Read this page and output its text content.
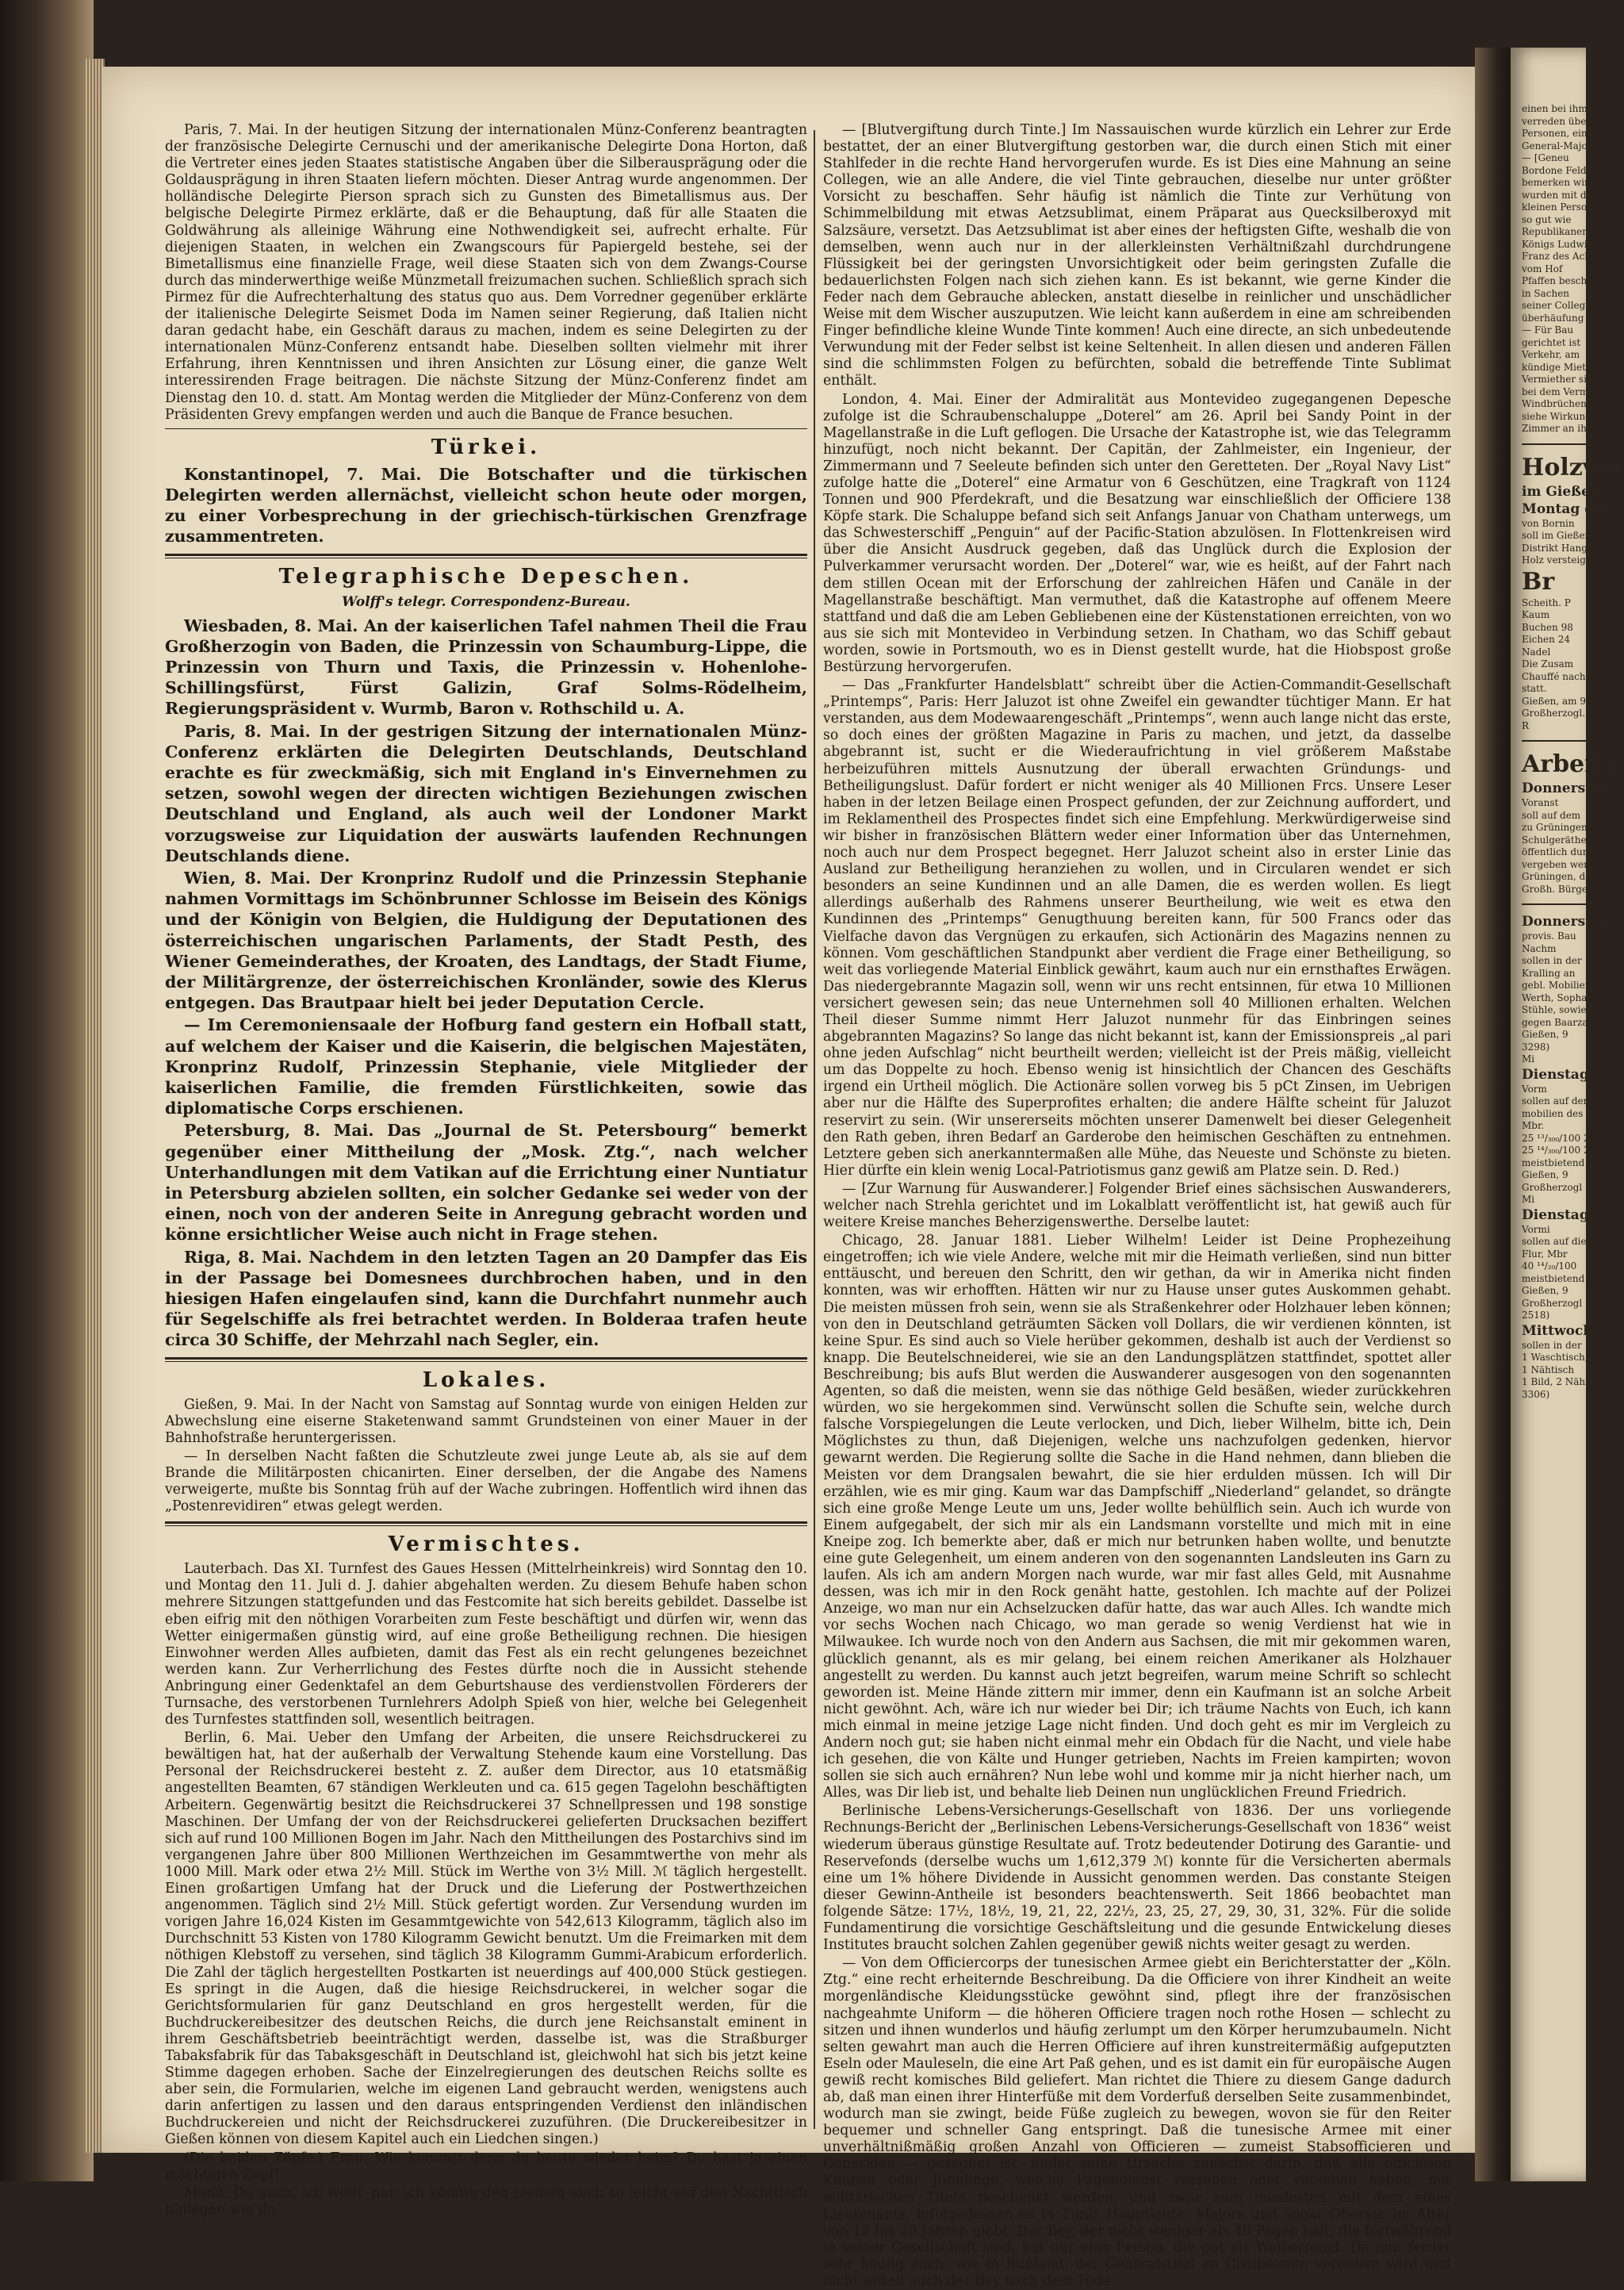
Paris, 7. Mai. In der heutigen Sitzung der internationalen Münz-Conferenz beantragten der französische Delegirte Cernuschi und der amerikanische Delegirte Dona Horton, daß die Vertreter eines jeden Staates statistische Angaben über die Silberausprägung oder die Goldausprägung in ihren Staaten liefern möchten. Dieser Antrag wurde angenommen. Der holländische Delegirte Pierson sprach sich zu Gunsten des Bimetallismus aus. Der belgische Delegirte Pirmez erklärte, daß er die Behauptung, daß für alle Staaten die Goldwährung als alleinige Währung eine Nothwendigkeit sei, aufrecht erhalte. Für diejenigen Staaten, in welchen ein Zwangscours für Papiergeld bestehe, sei der Bimetallismus eine finanzielle Frage, weil diese Staaten sich von dem Zwangs-Course durch das minderwerthige weiße Münzmetall freizumachen suchen. Schließlich sprach sich Pirmez für die Aufrechterhaltung des status quo aus. Dem Vorredner gegenüber erklärte der italienische Delegirte Seismet Doda im Namen seiner Regierung, daß Italien nicht daran gedacht habe, ein Geschäft daraus zu machen, indem es seine Delegirten zu der internationalen Münz-Conferenz entsandt habe. Dieselben sollten vielmehr mit ihrer Erfahrung, ihren Kenntnissen und ihren Ansichten zur Lösung einer, die ganze Welt interessirenden Frage beitragen. Die nächste Sitzung der Münz-Conferenz findet am Dienstag den 10. d. statt. Am Montag werden die Mitglieder der Münz-Conferenz von dem Präsidenten Grevy empfangen werden und auch die Banque de France besuchen.

Türkei.

Konstantinopel, 7. Mai. Die Botschafter und die türkischen Delegirten werden allernächst, vielleicht schon heute oder morgen, zu einer Vorbesprechung in der griechisch-türkischen Grenzfrage zusammentreten.

Telegraphische Depeschen.
Wolff's telegr. Correspondenz-Bureau.

Wiesbaden, 8. Mai. An der kaiserlichen Tafel nahmen Theil die Frau Großherzogin von Baden, die Prinzessin von Schaumburg-Lippe, die Prinzessin von Thurn und Taxis, die Prinzessin v. Hohenlohe-Schillingsfürst, Fürst Galizin, Graf Solms-Rödelheim, Regierungspräsident v. Wurmb, Baron v. Rothschild u. A.

Paris, 8. Mai. In der gestrigen Sitzung der internationalen Münz-Conferenz erklärten die Delegirten Deutschlands, Deutschland erachte es für zweckmäßig, sich mit England in's Einvernehmen zu setzen, sowohl wegen der directen wichtigen Beziehungen zwischen Deutschland und England, als auch weil der Londoner Markt vorzugsweise zur Liquidation der auswärts laufenden Rechnungen Deutschlands diene.

Wien, 8. Mai. Der Kronprinz Rudolf und die Prinzessin Stephanie nahmen Vormittags im Schönbrunner Schlosse im Beisein des Königs und der Königin von Belgien, die Huldigung der Deputationen des österreichischen ungarischen Parlaments, der Stadt Pesth, des Wiener Gemeinderathes, der Kroaten, des Landtags, der Stadt Fiume, der Militärgrenze, der österreichischen Kronländer, sowie des Klerus entgegen. Das Brautpaar hielt bei jeder Deputation Cercle.

— Im Ceremoniensaale der Hofburg fand gestern ein Hofball statt, auf welchem der Kaiser und die Kaiserin, die belgischen Majestäten, Kronprinz Rudolf, Prinzessin Stephanie, viele Mitglieder der kaiserlichen Familie, die fremden Fürstlichkeiten, sowie das diplomatische Corps erschienen.

Petersburg, 8. Mai. Das „Journal de St. Petersbourg“ bemerkt gegenüber einer Mittheilung der „Mosk. Ztg.“, nach welcher Unterhandlungen mit dem Vatikan auf die Errichtung einer Nuntiatur in Petersburg abzielen sollten, ein solcher Gedanke sei weder von der einen, noch von der anderen Seite in Anregung gebracht worden und könne ersichtlicher Weise auch nicht in Frage stehen.

Riga, 8. Mai. Nachdem in den letzten Tagen an 20 Dampfer das Eis in der Passage bei Domesnees durchbrochen haben, und in den hiesigen Hafen eingelaufen sind, kann die Durchfahrt nunmehr auch für Segelschiffe als frei betrachtet werden. In Bolderaa trafen heute circa 30 Schiffe, der Mehrzahl nach Segler, ein.

Lokales.

Gießen, 9. Mai. In der Nacht von Samstag auf Sonntag wurde von einigen Helden zur Abwechslung eine eiserne Staketenwand sammt Grundsteinen von einer Mauer in der Bahnhofstraße heruntergerissen.

— In derselben Nacht faßten die Schutzleute zwei junge Leute ab, als sie auf dem Brande die Militärposten chicanirten. Einer derselben, der die Angabe des Namens verweigerte, mußte bis Sonntag früh auf der Wache zubringen. Hoffentlich wird ihnen das „Postenrevidiren“ etwas gelegt werden.

Vermischtes.

Lauterbach. Das XI. Turnfest des Gaues Hessen (Mittelrheinkreis) wird Sonntag den 10. und Montag den 11. Juli d. J. dahier abgehalten werden. Zu diesem Behufe haben schon mehrere Sitzungen stattgefunden und das Festcomite hat sich bereits gebildet. Dasselbe ist eben eifrig mit den nöthigen Vorarbeiten zum Feste beschäftigt und dürfen wir, wenn das Wetter einigermaßen günstig wird, auf eine große Betheiligung rechnen. Die hiesigen Einwohner werden Alles aufbieten, damit das Fest als ein recht gelungenes bezeichnet werden kann. Zur Verherrlichung des Festes dürfte noch die in Aussicht stehende Anbringung einer Gedenktafel an dem Geburtshause des verdienstvollen Förderers der Turnsache, des verstorbenen Turnlehrers Adolph Spieß von hier, welche bei Gelegenheit des Turnfestes stattfinden soll, wesentlich beitragen.

Berlin, 6. Mai. Ueber den Umfang der Arbeiten, die unsere Reichsdruckerei zu bewältigen hat, hat der außerhalb der Verwaltung Stehende kaum eine Vorstellung. Das Personal der Reichsdruckerei besteht z. Z. außer dem Director, aus 10 etatsmäßig angestellten Beamten, 67 ständigen Werkleuten und ca. 615 gegen Tagelohn beschäftigten Arbeitern. Gegenwärtig besitzt die Reichsdruckerei 37 Schnellpressen und 198 sonstige Maschinen. Der Umfang der von der Reichsdruckerei gelieferten Drucksachen beziffert sich auf rund 100 Millionen Bogen im Jahr. Nach den Mittheilungen des Postarchivs sind im vergangenen Jahre über 800 Millionen Werthzeichen im Gesammtwerthe von mehr als 1000 Mill. Mark oder etwa 2½ Mill. Stück im Werthe von 3½ Mill. ℳ täglich hergestellt. Einen großartigen Umfang hat der Druck und die Lieferung der Postwerthzeichen angenommen. Täglich sind 2½ Mill. Stück gefertigt worden. Zur Versendung wurden im vorigen Jahre 16,024 Kisten im Gesammtgewichte von 542,613 Kilogramm, täglich also im Durchschnitt 53 Kisten von 1780 Kilogramm Gewicht benutzt. Um die Freimarken mit dem nöthigen Klebstoff zu versehen, sind täglich 38 Kilogramm Gummi-Arabicum erforderlich. Die Zahl der täglich hergestellten Postkarten ist neuerdings auf 400,000 Stück gestiegen. Es springt in die Augen, daß die hiesige Reichsdruckerei, in welcher sogar die Gerichtsformularien für ganz Deutschland en gros hergestellt werden, für die Buchdruckereibesitzer des deutschen Reichs, die durch jene Reichsanstalt eminent in ihrem Geschäftsbetrieb beeinträchtigt werden, dasselbe ist, was die Straßburger Tabaksfabrik für das Tabaksgeschäft in Deutschland ist, gleichwohl hat sich bis jetzt keine Stimme dagegen erhoben. Sache der Einzelregierungen des deutschen Reichs sollte es aber sein, die Formularien, welche im eigenen Land gebraucht werden, wenigstens auch darin anfertigen zu lassen und den daraus entspringenden Verdienst den inländischen Buchdruckereien und nicht der Reichsdruckerei zuzuführen. (Die Druckereibesitzer in Gießen können von diesem Kapitel auch ein Liedchen singen.)

(Die beiden Zöpfe.) Frau: Wie kommst denn du heute wieder heim? Du hast ja einen mächtigen Zopf!

Mann: Du auch, ich wollt' nur, ich könnte den meinen auch so leicht auf den Nachttisch hinlegen wie du.

— [Blutvergiftung durch Tinte.] Im Nassauischen wurde kürzlich ein Lehrer zur Erde bestattet, der an einer Blutvergiftung gestorben war, die durch einen Stich mit einer Stahlfeder in die rechte Hand hervorgerufen wurde. Es ist Dies eine Mahnung an seine Collegen, wie an alle Andere, die viel Tinte gebrauchen, dieselbe nur unter größter Vorsicht zu beschaffen. Sehr häufig ist nämlich die Tinte zur Verhütung von Schimmelbildung mit etwas Aetzsublimat, einem Präparat aus Quecksilberoxyd mit Salzsäure, versetzt. Das Aetzsublimat ist aber eines der heftigsten Gifte, weshalb die von demselben, wenn auch nur in der allerkleinsten Verhältnißzahl durchdrungene Flüssigkeit bei der geringsten Unvorsichtigkeit oder beim geringsten Zufalle die bedauerlichsten Folgen nach sich ziehen kann. Es ist bekannt, wie gerne Kinder die Feder nach dem Gebrauche ablecken, anstatt dieselbe in reinlicher und unschädlicher Weise mit dem Wischer auszuputzen. Wie leicht kann außerdem in eine am schreibenden Finger befindliche kleine Wunde Tinte kommen! Auch eine directe, an sich unbedeutende Verwundung mit der Feder selbst ist keine Seltenheit. In allen diesen und anderen Fällen sind die schlimmsten Folgen zu befürchten, sobald die betreffende Tinte Sublimat enthält.

London, 4. Mai. Einer der Admiralität aus Montevideo zugegangenen Depesche zufolge ist die Schraubenschaluppe „Doterel“ am 26. April bei Sandy Point in der Magellanstraße in die Luft geflogen. Die Ursache der Katastrophe ist, wie das Telegramm hinzufügt, noch nicht bekannt. Der Capitän, der Zahlmeister, ein Ingenieur, der Zimmermann und 7 Seeleute befinden sich unter den Geretteten. Der „Royal Navy List“ zufolge hatte die „Doterel“ eine Armatur von 6 Geschützen, eine Tragkraft von 1124 Tonnen und 900 Pferdekraft, und die Besatzung war einschließlich der Officiere 138 Köpfe stark. Die Schaluppe befand sich seit Anfangs Januar von Chatham unterwegs, um das Schwesterschiff „Penguin“ auf der Pacific-Station abzulösen. In Flottenkreisen wird über die Ansicht Ausdruck gegeben, daß das Unglück durch die Explosion der Pulverkammer verursacht worden. Der „Doterel“ war, wie es heißt, auf der Fahrt nach dem stillen Ocean mit der Erforschung der zahlreichen Häfen und Canäle in der Magellanstraße beschäftigt. Man vermuthet, daß die Katastrophe auf offenem Meere stattfand und daß die am Leben Gebliebenen eine der Küstenstationen erreichten, von wo aus sie sich mit Montevideo in Verbindung setzen. In Chatham, wo das Schiff gebaut worden, sowie in Portsmouth, wo es in Dienst gestellt wurde, hat die Hiobspost große Bestürzung hervorgerufen.

— Das „Frankfurter Handelsblatt“ schreibt über die Actien-Commandit-Gesellschaft „Printemps“, Paris: Herr Jaluzot ist ohne Zweifel ein gewandter tüchtiger Mann. Er hat verstanden, aus dem Modewaarengeschäft „Printemps“, wenn auch lange nicht das erste, so doch eines der größten Magazine in Paris zu machen, und jetzt, da dasselbe abgebrannt ist, sucht er die Wiederaufrichtung in viel größerem Maßstabe herbeizuführen mittels Ausnutzung der überall erwachten Gründungs- und Betheiligungslust. Dafür fordert er nicht weniger als 40 Millionen Frcs. Unsere Leser haben in der letzen Beilage einen Prospect gefunden, der zur Zeichnung auffordert, und im Reklamentheil des Prospectes findet sich eine Empfehlung. Merkwürdigerweise sind wir bisher in französischen Blättern weder einer Information über das Unternehmen, noch auch nur dem Prospect begegnet. Herr Jaluzot scheint also in erster Linie das Ausland zur Betheiligung heranziehen zu wollen, und in Circularen wendet er sich besonders an seine Kundinnen und an alle Damen, die es werden wollen. Es liegt allerdings außerhalb des Rahmens unserer Beurtheilung, wie weit es etwa den Kundinnen des „Printemps“ Genugthuung bereiten kann, für 500 Francs oder das Vielfache davon das Vergnügen zu erkaufen, sich Actionärin des Magazins nennen zu können. Vom geschäftlichen Standpunkt aber verdient die Frage einer Betheiligung, so weit das vorliegende Material Einblick gewährt, kaum auch nur ein ernsthaftes Erwägen. Das niedergebrannte Magazin soll, wenn wir uns recht entsinnen, für etwa 10 Millionen versichert gewesen sein; das neue Unternehmen soll 40 Millionen erhalten. Welchen Theil dieser Summe nimmt Herr Jaluzot nunmehr für das Einbringen seines abgebrannten Magazins? So lange das nicht bekannt ist, kann der Emissionspreis „al pari ohne jeden Aufschlag“ nicht beurtheilt werden; vielleicht ist der Preis mäßig, vielleicht um das Doppelte zu hoch. Ebenso wenig ist hinsichtlich der Chancen des Geschäfts irgend ein Urtheil möglich. Die Actionäre sollen vorweg bis 5 pCt Zinsen, im Uebrigen aber nur die Hälfte des Superprofites erhalten; die andere Hälfte scheint für Jaluzot reservirt zu sein. (Wir unsererseits möchten unserer Damenwelt bei dieser Gelegenheit den Rath geben, ihren Bedarf an Garderobe den heimischen Geschäften zu entnehmen. Letztere geben sich anerkanntermaßen alle Mühe, das Neueste und Schönste zu bieten. Hier dürfte ein klein wenig Local-Patriotismus ganz gewiß am Platze sein. D. Red.)

— [Zur Warnung für Auswanderer.] Folgender Brief eines sächsischen Auswanderers, welcher nach Strehla gerichtet und im Lokalblatt veröffentlicht ist, hat gewiß auch für weitere Kreise manches Beherzigenswerthe. Derselbe lautet:

Chicago, 28. Januar 1881. Lieber Wilhelm! Leider ist Deine Prophezeihung eingetroffen; ich wie viele Andere, welche mit mir die Heimath verließen, sind nun bitter enttäuscht, und bereuen den Schritt, den wir gethan, da wir in Amerika nicht finden konnten, was wir erhofften. Hätten wir nur zu Hause unser gutes Auskommen gehabt. Die meisten müssen froh sein, wenn sie als Straßenkehrer oder Holzhauer leben können; von den in Deutschland geträumten Säcken voll Dollars, die wir verdienen könnten, ist keine Spur. Es sind auch so Viele herüber gekommen, deshalb ist auch der Verdienst so knapp. Die Beutelschneiderei, wie sie an den Landungsplätzen stattfindet, spottet aller Beschreibung; bis aufs Blut werden die Auswanderer ausgesogen von den sogenannten Agenten, so daß die meisten, wenn sie das nöthige Geld besäßen, wieder zurückkehren würden, wo sie hergekommen sind. Verwünscht sollen die Schufte sein, welche durch falsche Vorspiegelungen die Leute verlocken, und Dich, lieber Wilhelm, bitte ich, Dein Möglichstes zu thun, daß Diejenigen, welche uns nachzufolgen gedenken, hiervor gewarnt werden. Die Regierung sollte die Sache in die Hand nehmen, dann blieben die Meisten vor dem Drangsalen bewahrt, die sie hier erdulden müssen. Ich will Dir erzählen, wie es mir ging. Kaum war das Dampfschiff „Niederland“ gelandet, so drängte sich eine große Menge Leute um uns, Jeder wollte behülflich sein. Auch ich wurde von Einem aufgegabelt, der sich mir als ein Landsmann vorstellte und mich mit in eine Kneipe zog. Ich bemerkte aber, daß er mich nur betrunken haben wollte, und benutzte eine gute Gelegenheit, um einem anderen von den sogenannten Landsleuten ins Garn zu laufen. Als ich am andern Morgen nach wurde, war mir fast alles Geld, mit Ausnahme dessen, was ich mir in den Rock genäht hatte, gestohlen. Ich machte auf der Polizei Anzeige, wo man nur ein Achselzucken dafür hatte, das war auch Alles. Ich wandte mich vor sechs Wochen nach Chicago, wo man gerade so wenig Verdienst hat wie in Milwaukee. Ich wurde noch von den Andern aus Sachsen, die mit mir gekommen waren, glücklich genannt, als es mir gelang, bei einem reichen Amerikaner als Holzhauer angestellt zu werden. Du kannst auch jetzt begreifen, warum meine Schrift so schlecht geworden ist. Meine Hände zittern mir immer, denn ein Kaufmann ist an solche Arbeit nicht gewöhnt. Ach, wäre ich nur wieder bei Dir; ich träume Nachts von Euch, ich kann mich einmal in meine jetzige Lage nicht finden. Und doch geht es mir im Vergleich zu Andern noch gut; sie haben nicht einmal mehr ein Obdach für die Nacht, und viele habe ich gesehen, die von Kälte und Hunger getrieben, Nachts im Freien kampirten; wovon sollen sie sich auch ernähren? Nun lebe wohl und komme mir ja nicht hierher nach, um Alles, was Dir lieb ist, und behalte lieb Deinen nun unglücklichen Freund Friedrich.

Berlinische Lebens-Versicherungs-Gesellschaft von 1836. Der uns vorliegende Rechnungs-Bericht der „Berlinischen Lebens-Versicherungs-Gesellschaft von 1836“ weist wiederum überaus günstige Resultate auf. Trotz bedeutender Dotirung des Garantie- und Reservefonds (derselbe wuchs um 1,612,379 ℳ) konnte für die Versicherten abermals eine um 1% höhere Dividende in Aussicht genommen werden. Das constante Steigen dieser Gewinn-Antheile ist besonders beachtenswerth. Seit 1866 beobachtet man folgende Sätze: 17½, 18½, 19, 21, 22, 22½, 23, 25, 27, 29, 30, 31, 32%. Für die solide Fundamentirung die vorsichtige Geschäftsleitung und die gesunde Entwickelung dieses Institutes braucht solchen Zahlen gegenüber gewiß nichts weiter gesagt zu werden.

— Von dem Officiercorps der tunesischen Armee giebt ein Berichterstatter der „Köln. Ztg.“ eine recht erheiternde Beschreibung. Da die Officiere von ihrer Kindheit an weite morgenländische Kleidungsstücke gewöhnt sind, pflegt ihre der französischen nachgeahmte Uniform — die höheren Officiere tragen noch rothe Hosen — schlecht zu sitzen und ihnen wunderlos und häufig zerlumpt um den Körper herumzubaumeln. Nicht selten gewahrt man auch die Herren Officiere auf ihren kunstreitermäßig aufgeputzten Eseln oder Mauleseln, die eine Art Paß gehen, und es ist damit ein für europäische Augen gewiß recht komisches Bild geliefert. Man richtet die Thiere zu diesem Gange dadurch ab, daß man einen ihrer Hinterfüße mit dem Vorderfuß derselben Seite zusammenbindet, wodurch man sie zwingt, beide Füße zugleich zu bewegen, wovon sie für den Reiter bequemer und schneller Gang entspringt. Daß die tunesische Armee mit einer unverhältnißmäßig großen Anzahl von Officieren — zumeist Stabsofficieren und Generälen — gesegnet ist, findet seine Ursache zunächst darin, daß alle officiösen Knaben oder Jünglinge, welche Pagendienst versehen oder versehen haben, mit militärischen Titeln beschenkt werden. und zwar zum mindesten mit dem eines Lieutenants, infolgedessen es in Tunis Hauptleute, Majors und sogar Oberste im Alter von 12 bis 20 Jahren giebt. Der Bey, der nicht weniger als 40 Pagen hält, die fortwährend in seiner Gesellschaft sind, hat nur eine Person, die gut als Weiberfeind. Da nun ferner sehr häufig auch, wie in Rußland, der Generalstitel an Civilbeamte verliehen wird und nicht selten auch der Bey nach dem Tode

einen bei ihm in
verreden über, sich
Personen, ein
General-Majors
— [Geneu
Bordone Feldherr
bemerken wir
wurden mit den
kleinen Personen
so gut wie
Republikaners
Königs Ludwig
Franz des Achten
vom Hof
Pfaffen beschrieb
in Sachen
seiner Collegen
überhäufung
— Für Bau
gerichtet ist
Verkehr, am
kündige Miethe,
Vermiether sind
bei dem Vermiether
Windbrüchen
siehe Wirkung.
Zimmer an ihm
Holzver
im Gießen
Montag den
von Bornin
soll im Gießen
Distrikt Hangel
Holz versteigert
Br
Scheith. P
Kaum
Buchen 98
Eichen 24
Nadel
Die Zusam
Chauffé nach
statt.
Gießen, am 9
Großherzogl. Hess
R
Arbeits
Donnerstag
Voranst
soll auf dem
zu Grüningen
Schulgeräthen,
öffentlich durch
vergeben werden
Grüningen, den
Großh. Bürge
Donnerstag
provis. Bau
Nachm
sollen in der
Kralling an
gebl. Mobilien,
Werth, Sopha's,
Stühle, sowie
gegen Baarzahl
Gießen, 9
3298)
Mi
Dienstag
Vorm
sollen auf dem
mobilien des
Mbr.
25 ¹³/₃₀₀/100 231
25 ¹⁴/₃₀₀/100 288
meistbietend
Gießen, 9
Großherzogl
Mi
Dienstag
Vormi
sollen auf die
Flur, Mbr
40 ¹⁴/₂₀/100
meistbietend
Gießen, 9
Großherzogl
2518)
Mittwoch
sollen in der
1 Waschtisch,
1 Nähtisch
1 Bild, 2 Nähn
3306)
